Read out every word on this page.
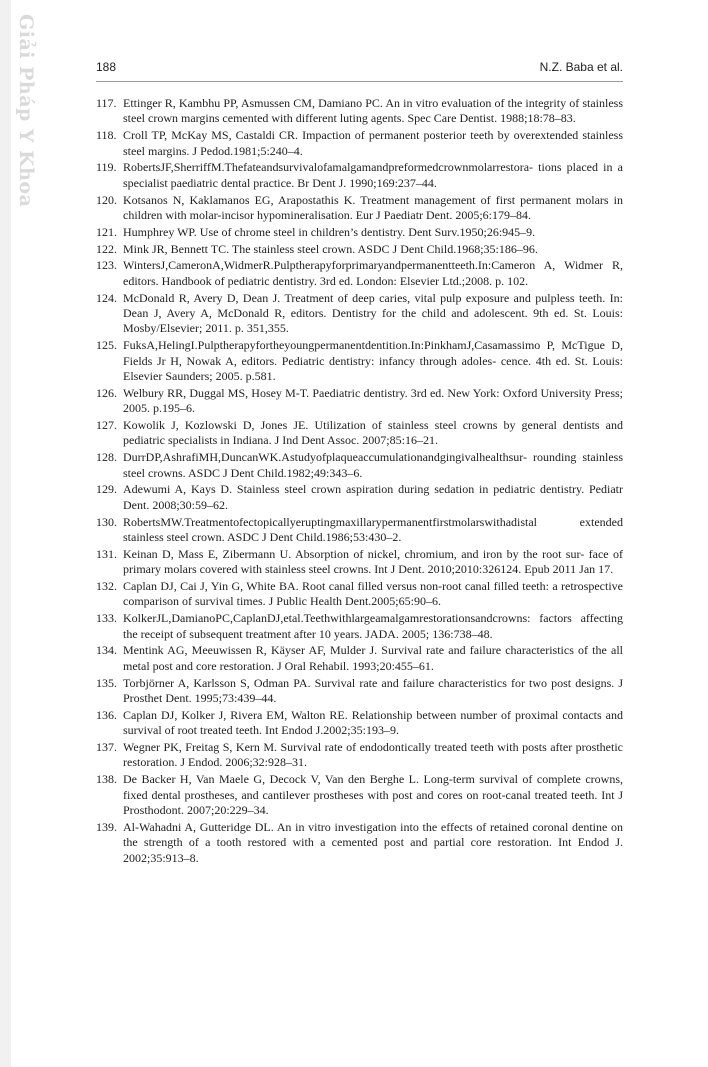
Giải Pháp Y Khoa	188	N.Z. Baba et al.
117. Ettinger R, Kambhu PP, Asmussen CM, Damiano PC. An in vitro evaluation of the integrity of stainless steel crown margins cemented with different luting agents. Spec Care Dentist. 1988;18:78–83.
118. Croll TP, McKay MS, Castaldi CR. Impaction of permanent posterior teeth by overextended stainless steel margins. J Pedod.1981;5:240–4.
119. RobertsJF,SherriffM.Thefateandsurvivalofamalgamandpreformedcrownmolarrestora- tions placed in a specialist paediatric dental practice. Br Dent J. 1990;169:237–44.
120. Kotsanos N, Kaklamanos EG, Arapostathis K. Treatment management of first permanent molars in children with molar-incisor hypomineralisation. Eur J Paediatr Dent. 2005;6:179–84.
121. Humphrey WP. Use of chrome steel in children’s dentistry. Dent Surv.1950;26:945–9.
122. Mink JR, Bennett TC. The stainless steel crown. ASDC J Dent Child.1968;35:186–96.
123. WintersJ,CameronA,WidmerR.Pulptherapyforprimaryandpermanentteeth.In:Cameron A, Widmer R, editors. Handbook of pediatric dentistry. 3rd ed. London: Elsevier Ltd.;2008. p. 102.
124. McDonald R, Avery D, Dean J. Treatment of deep caries, vital pulp exposure and pulpless teeth. In: Dean J, Avery A, McDonald R, editors. Dentistry for the child and adolescent. 9th ed. St. Louis: Mosby/Elsevier; 2011. p. 351,355.
125. FuksA,HelingI.Pulptherapyfortheyoungpermanentdentition.In:PinkhamJ,Casamassimo P, McTigue D, Fields Jr H, Nowak A, editors. Pediatric dentistry: infancy through adoles- cence. 4th ed. St. Louis: Elsevier Saunders; 2005. p.581.
126. Welbury RR, Duggal MS, Hosey M-T. Paediatric dentistry. 3rd ed. New York: Oxford University Press; 2005. p.195–6.
127. Kowolik J, Kozlowski D, Jones JE. Utilization of stainless steel crowns by general dentists and pediatric specialists in Indiana. J Ind Dent Assoc. 2007;85:16–21.
128. DurrDP,AshrafiMH,DuncanWK.Astudyofplaqueaccumulationandgingivalhealthsur- rounding stainless steel crowns. ASDC J Dent Child.1982;49:343–6.
129. Adewumi A, Kays D. Stainless steel crown aspiration during sedation in pediatric dentistry. Pediatr Dent. 2008;30:59–62.
130. RobertsMW.Treatmentofectopicallyeruptingmaxillarypermanentfirstmolarswithadistal extended stainless steel crown. ASDC J Dent Child.1986;53:430–2.
131. Keinan D, Mass E, Zibermann U. Absorption of nickel, chromium, and iron by the root sur- face of primary molars covered with stainless steel crowns. Int J Dent. 2010;2010:326124. Epub 2011 Jan 17.
132. Caplan DJ, Cai J, Yin G, White BA. Root canal filled versus non-root canal filled teeth: a retrospective comparison of survival times. J Public Health Dent.2005;65:90–6.
133. KolkerJL,DamianoPC,CaplanDJ,etal.Teethwithlargeamalgamrestorationsandcrowns: factors affecting the receipt of subsequent treatment after 10 years. JADA. 2005; 136:738–48.
134. Mentink AG, Meeuwissen R, Käyser AF, Mulder J. Survival rate and failure characteristics of the all metal post and core restoration. J Oral Rehabil. 1993;20:455–61.
135. Torbjörner A, Karlsson S, Odman PA. Survival rate and failure characteristics for two post designs. J Prosthet Dent. 1995;73:439–44.
136. Caplan DJ, Kolker J, Rivera EM, Walton RE. Relationship between number of proximal contacts and survival of root treated teeth. Int Endod J.2002;35:193–9.
137. Wegner PK, Freitag S, Kern M. Survival rate of endodontically treated teeth with posts after prosthetic restoration. J Endod. 2006;32:928–31.
138. De Backer H, Van Maele G, Decock V, Van den Berghe L. Long-term survival of complete crowns, fixed dental prostheses, and cantilever prostheses with post and cores on root-canal treated teeth. Int J Prosthodont. 2007;20:229–34.
139. Al-Wahadni A, Gutteridge DL. An in vitro investigation into the effects of retained coronal dentine on the strength of a tooth restored with a cemented post and partial core restoration. Int Endod J. 2002;35:913–8.
